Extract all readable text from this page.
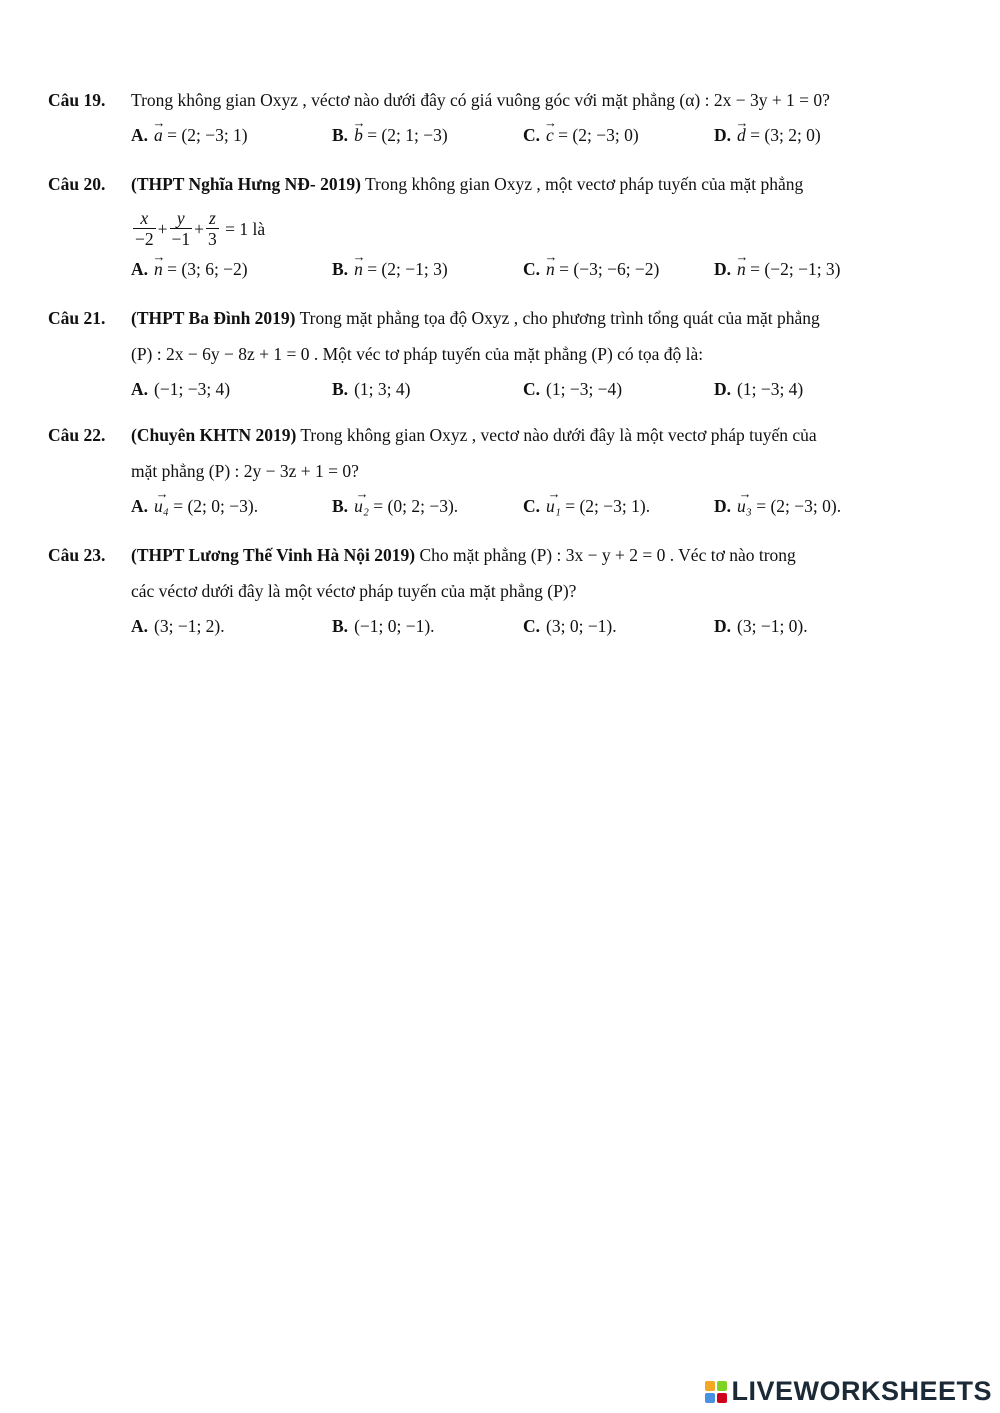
Câu 19. Trong không gian Oxyz , véctơ nào dưới đây có giá vuông góc với mặt phẳng (α) : 2x − 3y + 1 = 0?
A. → a = (2; −3; 1)	B. → b = (2; 1; −3)	C. → c = (2; −3; 0)	D. → d = (3; 2; 0)
Câu 20. (THPT Nghĩa Hưng NĐ- 2019) Trong không gian Oxyz , một vectơ pháp tuyến của mặt phẳng
$\frac{x}{-2} + \frac{y}{-1} + \frac{z}{3} = 1$ là
A. → n = (3; 6; −2)	B. → n = (2; −1; 3)	C. → n = (−3; −6; −2)	D. → n = (−2; −1; 3)
Câu 21. (THPT Ba Đình 2019) Trong mặt phẳng tọa độ Oxyz , cho phương trình tổng quát của mặt phẳng
(P) : 2x − 6y − 8z + 1 = 0 . Một véc tơ pháp tuyến của mặt phẳng (P) có tọa độ là:
A. (−1; −3; 4)	B. (1; 3; 4)	C. (1; −3; −4)	D. (1; −3; 4)
Câu 22. (Chuyên KHTN 2019) Trong không gian Oxyz , vectơ nào dưới đây là một vectơ pháp tuyến của
mặt phẳng (P) : 2y − 3z + 1 = 0?
A. → u₄ = (2; 0; −3).	B. → u₂ = (0; 2; −3).	C. → u₁ = (2; −3; 1).	D. → u₃ = (2; −3; 0).
Câu 23. (THPT Lương Thế Vinh Hà Nội 2019) Cho mặt phẳng (P) : 3x − y + 2 = 0 . Véc tơ nào trong
các véctơ dưới đây là một véctơ pháp tuyến của mặt phẳng (P)?
A. (3; −1; 2).	B. (−1; 0; −1).	C. (3; 0; −1).	D. (3; −1; 0).
LIVEWORKSHEETS
